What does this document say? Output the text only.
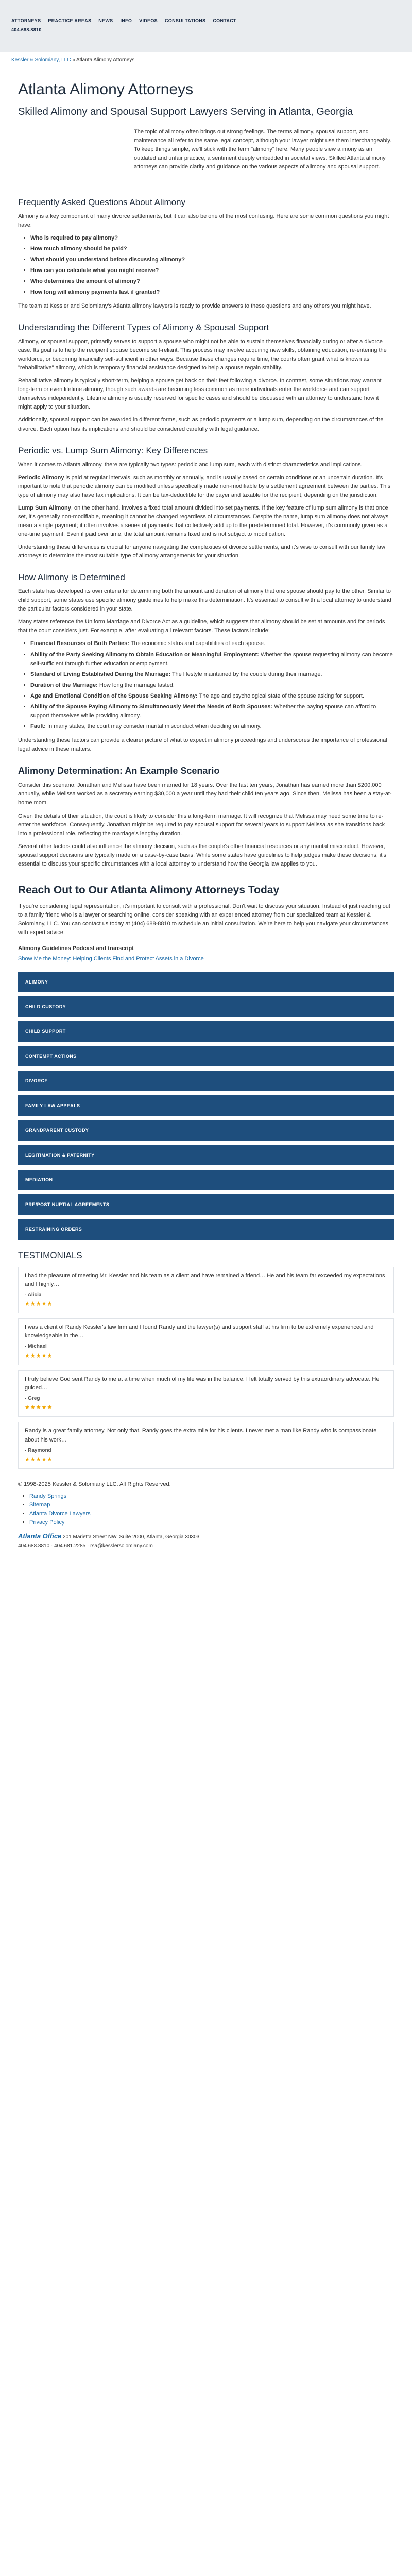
ATTORNEYS PRACTICE AREAS NEWS INFO VIDEOS CONSULTATIONS CONTACT
404.688.8810
Kessler & Solomiany, LLC » Atlanta Alimony Attorneys
Atlanta Alimony Attorneys
Skilled Alimony and Spousal Support Lawyers Serving in Atlanta, Georgia

The topic of alimony often brings out strong feelings. The terms alimony, spousal support, and maintenance all refer to the same legal concept, although your lawyer might use them interchangeably. To keep things simple, we'll stick with the term "alimony" here. Many people view alimony as an outdated and unfair practice, a sentiment deeply embedded in societal views. Skilled Atlanta alimony attorneys can provide clarity and guidance on the various aspects of alimony and spousal support.

Frequently Asked Questions About Alimony

Alimony is a key component of many divorce settlements, but it can also be one of the most confusing. Here are some common questions you might have:

• Who is required to pay alimony?
• How much alimony should be paid?
• What should you understand before discussing alimony?
• How can you calculate what you might receive?
• Who determines the amount of alimony?
• How long will alimony payments last if granted?

The team at Kessler and Solomiany's Atlanta alimony lawyers is ready to provide answers to these questions and any others you might have.

Understanding the Different Types of Alimony & Spousal Support

Alimony, or spousal support, primarily serves to support a spouse who might not be able to sustain themselves financially during or after a divorce case. Its goal is to help the recipient spouse become self-reliant. This process may involve acquiring new skills, obtaining education, re-entering the workforce, or becoming financially self-sufficient in other ways. Because these changes require time, the courts often grant what is known as "rehabilitative" alimony, which is temporary financial assistance designed to help a spouse regain stability.

Rehabilitative alimony is typically short-term, helping a spouse get back on their feet following a divorce. In contrast, some situations may warrant long-term or even lifetime alimony, though such awards are becoming less common as more individuals enter the workforce and can support themselves independently. Lifetime alimony is usually reserved for specific cases and should be discussed with an attorney to understand how it might apply to your situation.

Additionally, spousal support can be awarded in different forms, such as periodic payments or a lump sum, depending on the circumstances of the divorce. Each option has its implications and should be considered carefully with legal guidance.

Periodic vs. Lump Sum Alimony: Key Differences

When it comes to Atlanta alimony, there are typically two types: periodic and lump sum, each with distinct characteristics and implications.

Periodic Alimony is paid at regular intervals, such as monthly or annually, and is usually based on certain conditions or an uncertain duration. It's important to note that periodic alimony can be modified unless specifically made non-modifiable by a settlement agreement between the parties. This type of alimony may also have tax implications. It can be tax-deductible for the payer and taxable for the recipient, depending on the jurisdiction.

Lump Sum Alimony, on the other hand, involves a fixed total amount divided into set payments. If the key feature of lump sum alimony is that once set, it's generally non-modifiable, meaning it cannot be changed regardless of circumstances. Despite the name, lump sum alimony does not always mean a single payment; it often involves a series of payments that collectively add up to the predetermined total. However, it's commonly given as a one-time payment. Even if paid over time, the total amount remains fixed and is not subject to modification.

Understanding these differences is crucial for anyone navigating the complexities of divorce settlements, and it's wise to consult with our family law attorneys to determine the most suitable type of alimony arrangements for your situation.

How Alimony is Determined

Each state has developed its own criteria for determining both the amount and duration of alimony that one spouse should pay to the other. Similar to child support, some states use specific alimony guidelines to help make this determination. It's essential to consult with a local attorney to understand the particular factors considered in your state.

Many states reference the Uniform Marriage and Divorce Act as a guideline, which suggests that alimony should be set at amounts and for periods that the court considers just. For example, after evaluating all relevant factors. These factors include:

• Financial Resources of Both Parties: The economic status and capabilities of each spouse.
• Ability of the Party Seeking Alimony to Obtain Education or Meaningful Employment: Whether the spouse requesting alimony can become self-sufficient through further education or employment.
• Standard of Living Established During the Marriage: The lifestyle maintained by the couple during their marriage.
• Duration of the Marriage: How long the marriage lasted.
• Age and Emotional Condition of the Spouse Seeking Alimony: The age and psychological state of the spouse asking for support.
• Ability of the Spouse Paying Alimony to Simultaneously Meet the Needs of Both Spouses: Whether the paying spouse can afford to support themselves while providing alimony.
• Fault: In many states, the court may consider marital misconduct when deciding on alimony.

Understanding these factors can provide a clearer picture of what to expect in alimony proceedings and underscores the importance of professional legal advice in these matters.

Alimony Determination: An Example Scenario

Consider this scenario: Jonathan and Melissa have been married for 18 years. Over the last ten years, Jonathan has earned more than $200,000 annually, while Melissa worked as a secretary earning $30,000 a year until they had their child ten years ago. Since then, Melissa has been a stay-at-home mom.

Given the details of their situation, the court is likely to consider this a long-term marriage. It will recognize that Melissa may need some time to re-enter the workforce. Consequently, Jonathan might be required to pay spousal support for several years to support Melissa as she transitions back into a professional role, reflecting the marriage's lengthy duration.

Several other factors could also influence the alimony decision, such as the couple's other financial resources or any marital misconduct. However, spousal support decisions are typically made on a case-by-case basis. While some states have guidelines to help judges make these decisions, it's essential to discuss your specific circumstances with a local attorney to understand how the Georgia law applies to you.

Reach Out to Our Atlanta Alimony Attorneys Today

If you're considering legal representation, it's important to consult with a professional. Don't wait to discuss your situation. Instead of just reaching out to a family friend who is a lawyer or searching online, consider speaking with an experienced attorney from our specialized team at Kessler & Solomiany, LLC. You can contact us today at (404) 688-8810 to schedule an initial consultation. We're here to help you navigate your circumstances with expert advice.

Alimony Guidelines Podcast and transcript
Show Me the Money: Helping Clients Find and Protect Assets in a Divorce
ALIMONY
CHILD CUSTODY
CHILD SUPPORT
CONTEMPT ACTIONS
DIVORCE
FAMILY LAW APPEALS
GRANDPARENT CUSTODY
LEGITIMATION & PATERNITY
MEDIATION
PRE/POST NUPTIAL AGREEMENTS
RESTRAINING ORDERS
TESTIMONIALS

I had the pleasure of meeting Mr. Kessler and his team as a client and have remained a friend… He and his team far exceeded my expectations and I highly…

- Alicia
★★★★★

I was a client of Randy Kessler's law firm and I found Randy and the lawyer(s) and support staff at his firm to be extremely experienced and knowledgeable in the…

- Michael
★★★★★

I truly believe God sent Randy to me at a time when much of my life was in the balance. I felt totally served by this extraordinary advocate. He guided…

- Greg
★★★★★

Randy is a great family attorney. Not only that, Randy goes the extra mile for his clients. I never met a man like Randy who is compassionate about his work…

- Raymond
★★★★★

© 1998-2025 Kessler & Solomiany LLC. All Rights Reserved.

• Randy Springs
• Sitemap
• Atlanta Divorce Lawyers
• Privacy Policy
Atlanta Office 201 Marietta Street NW, Suite 2000, Atlanta, Georgia 30303
404.688.8810 · 404.681.2285 · rsa@kesslersolomiany.com
